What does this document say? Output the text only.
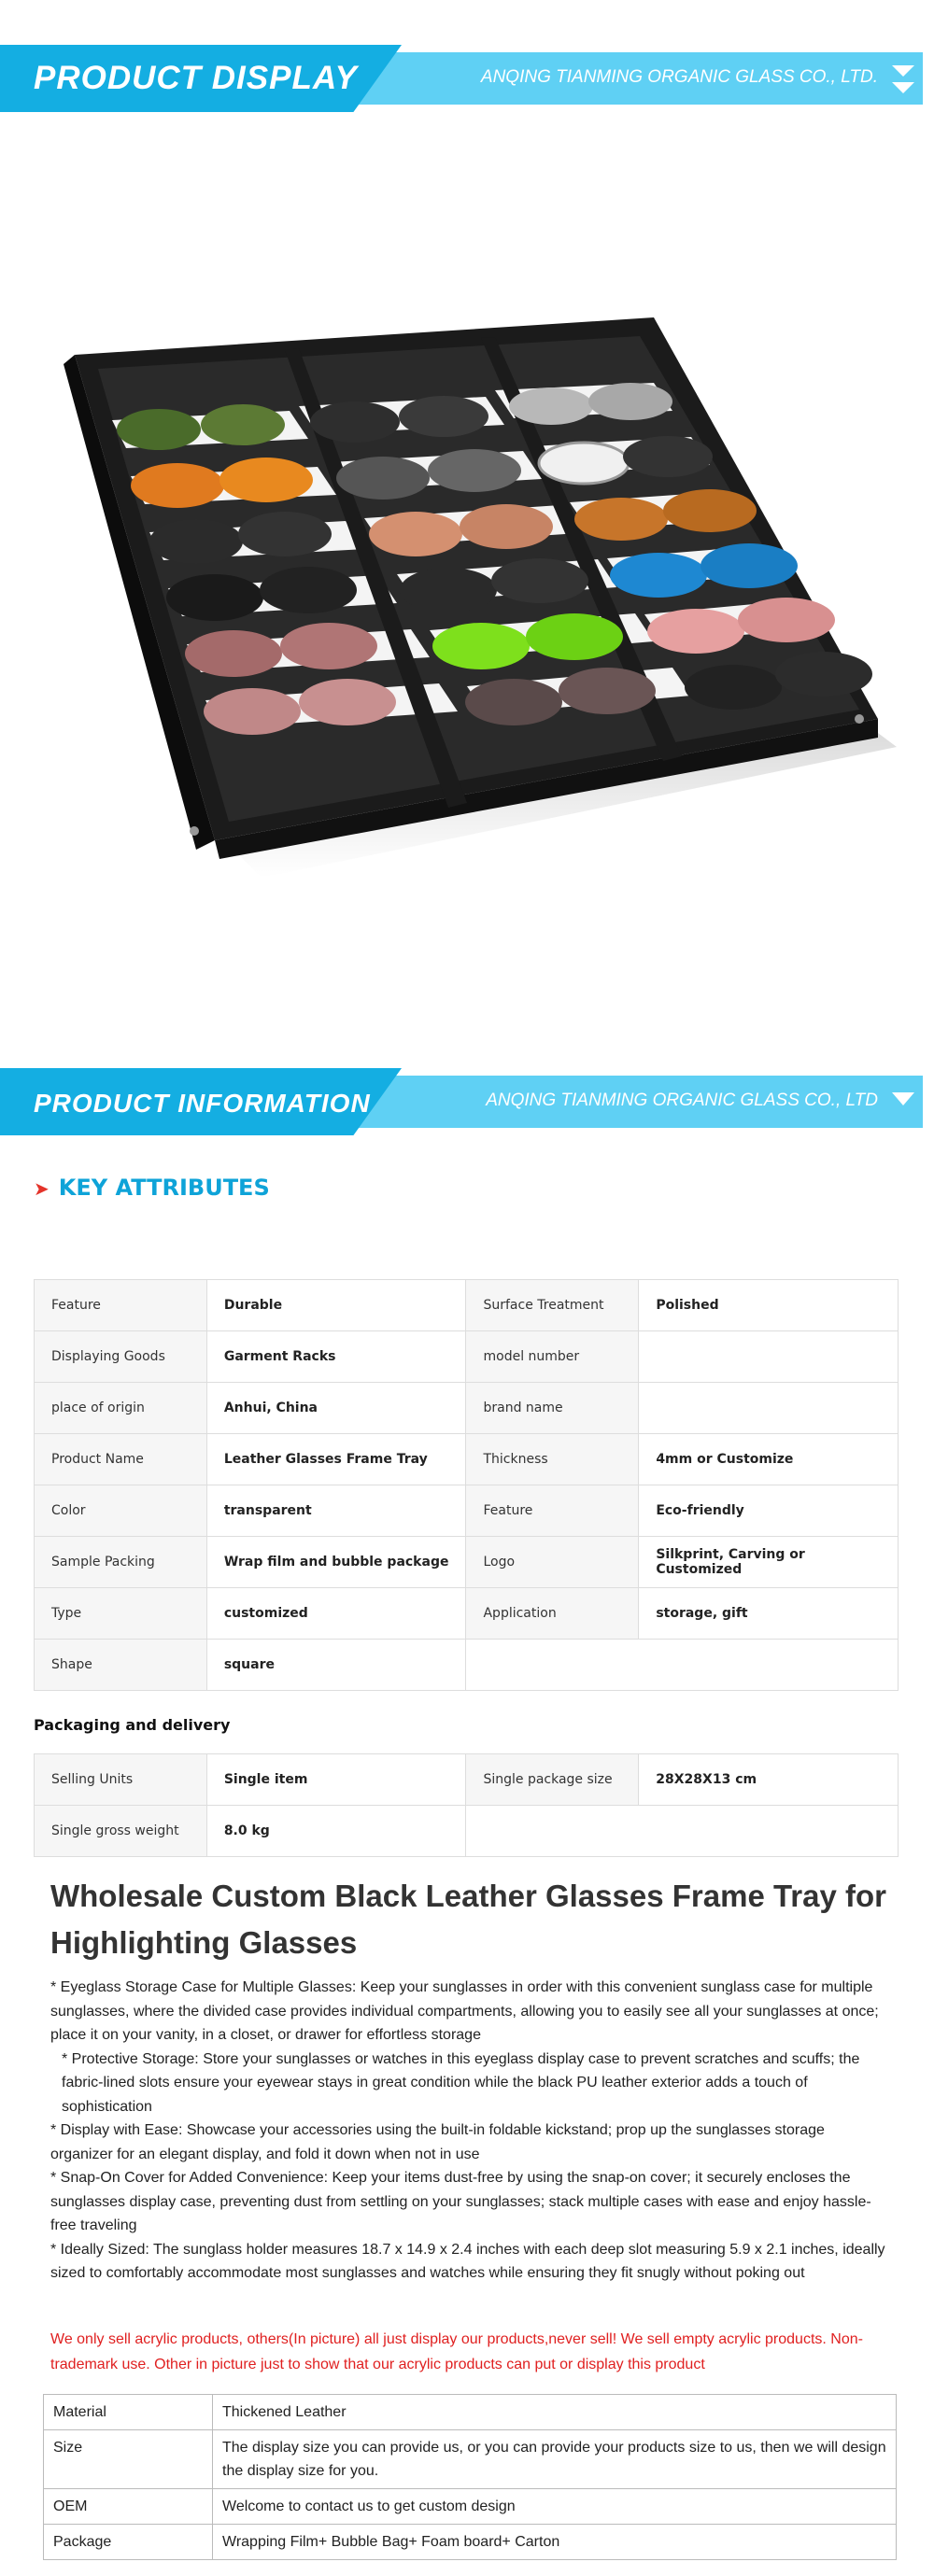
PRODUCT DISPLAY	ANQING TIANMING ORGANIC GLASS CO., LTD.
PRODUCT INFORMATION	ANQING TIANMING ORGANIC GLASS CO., LTD
➤ KEY ATTRIBUTES
Feature	Durable	Surface Treatment	Polished
Displaying Goods	Garment Racks	model number	
place of origin	Anhui, China	brand name	
Product Name	Leather Glasses Frame Tray	Thickness	4mm or Customize
Color	transparent	Feature	Eco-friendly
Sample Packing	Wrap film and bubble package	Logo	Silkprint, Carving or Customized
Type	customized	Application	storage, gift
Shape	square		
Packaging and delivery
Selling Units	Single item	Single package size	28X28X13 cm
Single gross weight	8.0 kg		
Wholesale Custom Black Leather Glasses Frame Tray for Highlighting Glasses

* Eyeglass Storage Case for Multiple Glasses: Keep your sunglasses in order with this convenient sunglass case for multiple sunglasses, where the divided case provides individual compartments, allowing you to easily see all your sunglasses at once; place it on your vanity, in a closet, or drawer for effortless storage

* Protective Storage: Store your sunglasses or watches in this eyeglass display case to prevent scratches and scuffs; the fabric-lined slots ensure your eyewear stays in great condition while the black PU leather exterior adds a touch of sophistication

* Display with Ease: Showcase your accessories using the built-in foldable kickstand; prop up the sunglasses storage organizer for an elegant display, and fold it down when not in use

* Snap-On Cover for Added Convenience: Keep your items dust-free by using the snap-on cover; it securely encloses the sunglasses display case, preventing dust from settling on your sunglasses; stack multiple cases with ease and enjoy hassle-free traveling

* Ideally Sized: The sunglass holder measures 18.7 x 14.9 x 2.4 inches with each deep slot measuring 5.9 x 2.1 inches, ideally sized to comfortably accommodate most sunglasses and watches while ensuring they fit snugly without poking out

We only sell acrylic products, others(In picture) all just display our products,never sell! We sell empty acrylic products. Non-trademark use. Other in picture just to show that our acrylic products can put or display this product
Material	Thickened Leather
Size	The display size you can provide us, or you can provide your products size to us, then we will design the display size for you.
OEM	Welcome to contact us to get custom design
Package	Wrapping Film+ Bubble Bag+ Foam board+ Carton
